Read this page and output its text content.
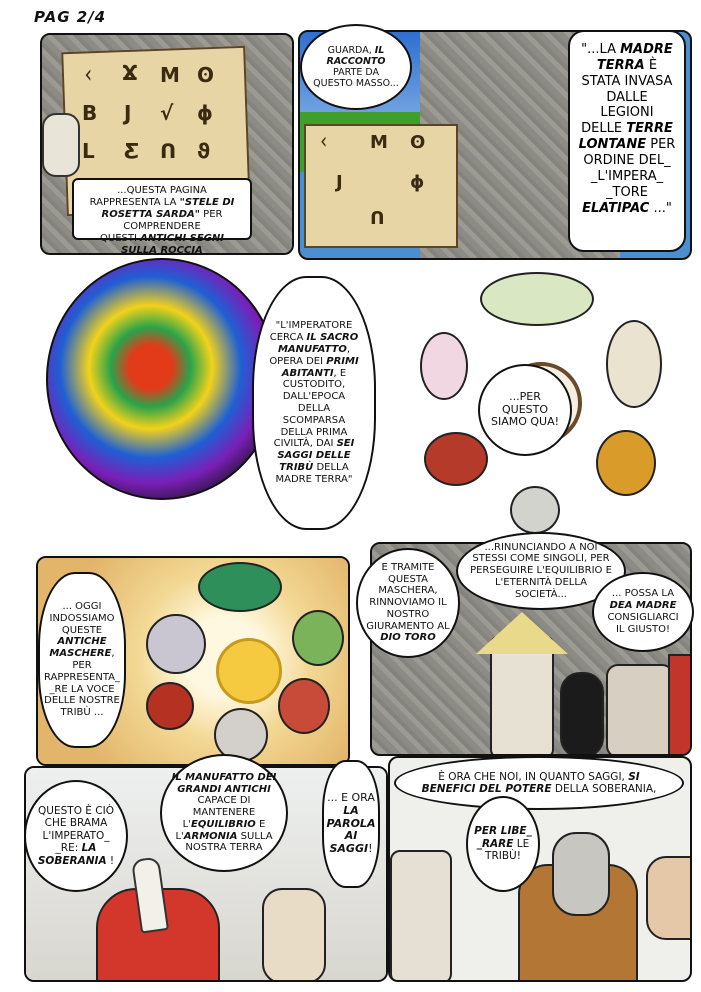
PAG 2/4
ᚲ Ϫ M ʘ
B J √ ϕ
L Ƹ ᑎ ϑ
...QUESTA PAGINA
RAPPRESENTA LA "STELE DI ROSETTA SARDA" PER COMPRENDERE
QUESTI ANTICHI SEGNI
SULLA ROCCIA
ᚲ M ʘ
J	ϕ
ᑎ
GUARDA, IL RACCONTO PARTE DA QUESTO MASSO...
"...LA MADRE TERRA È STATA INVASA DALLE LEGIONI DELLE TERRE LONTANE PER ORDINE DEL_ _L'IMPERA_ _TORE ELATIPAC ..."
"L'IMPERATORE CERCA IL SACRO MANUFATTO, OPERA DEI PRIMI ABITANTI, E CUSTODITO, DALL'EPOCA DELLA SCOMPARSA DELLA PRIMA CIVILTÀ, DAI SEI SAGGI DELLE TRIBÙ DELLA MADRE TERRA"
...PER QUESTO SIAMO QUA!
... OGGI INDOSSIAMO QUESTE ANTICHE MASCHERE, PER RAPPRESENTA_ _RE LA VOCE DELLE NOSTRE TRIBÙ ...
E TRAMITE QUESTA MASCHERA, RINNOVIAMO IL NOSTRO GIURAMENTO AL DIO TORO
...RINUNCIANDO A NOI STESSI COME SINGOLI, PER PERSEGUIRE L'EQUILIBRIO E L'ETERNITÀ DELLA SOCIETÀ...	... POSSA LA DEA MADRE CONSIGLIARCI IL GIUSTO!
QUESTO È CIÒ CHE BRAMA L'IMPERATO_ _RE: LA SOBERANIA !
IL MANUFATTO DEI GRANDI ANTICHI CAPACE DI MANTENERE L'EQUILIBRIO E L'ARMONIA SULLA NOSTRA TERRA
... E ORA LA PAROLA AI SAGGI!
È ORA CHE NOI, IN QUANTO SAGGI, SI BENEFICI DEL POTERE DELLA SOBERANIA,
PER LIBE_ _RARE LE TRIBÙ!
